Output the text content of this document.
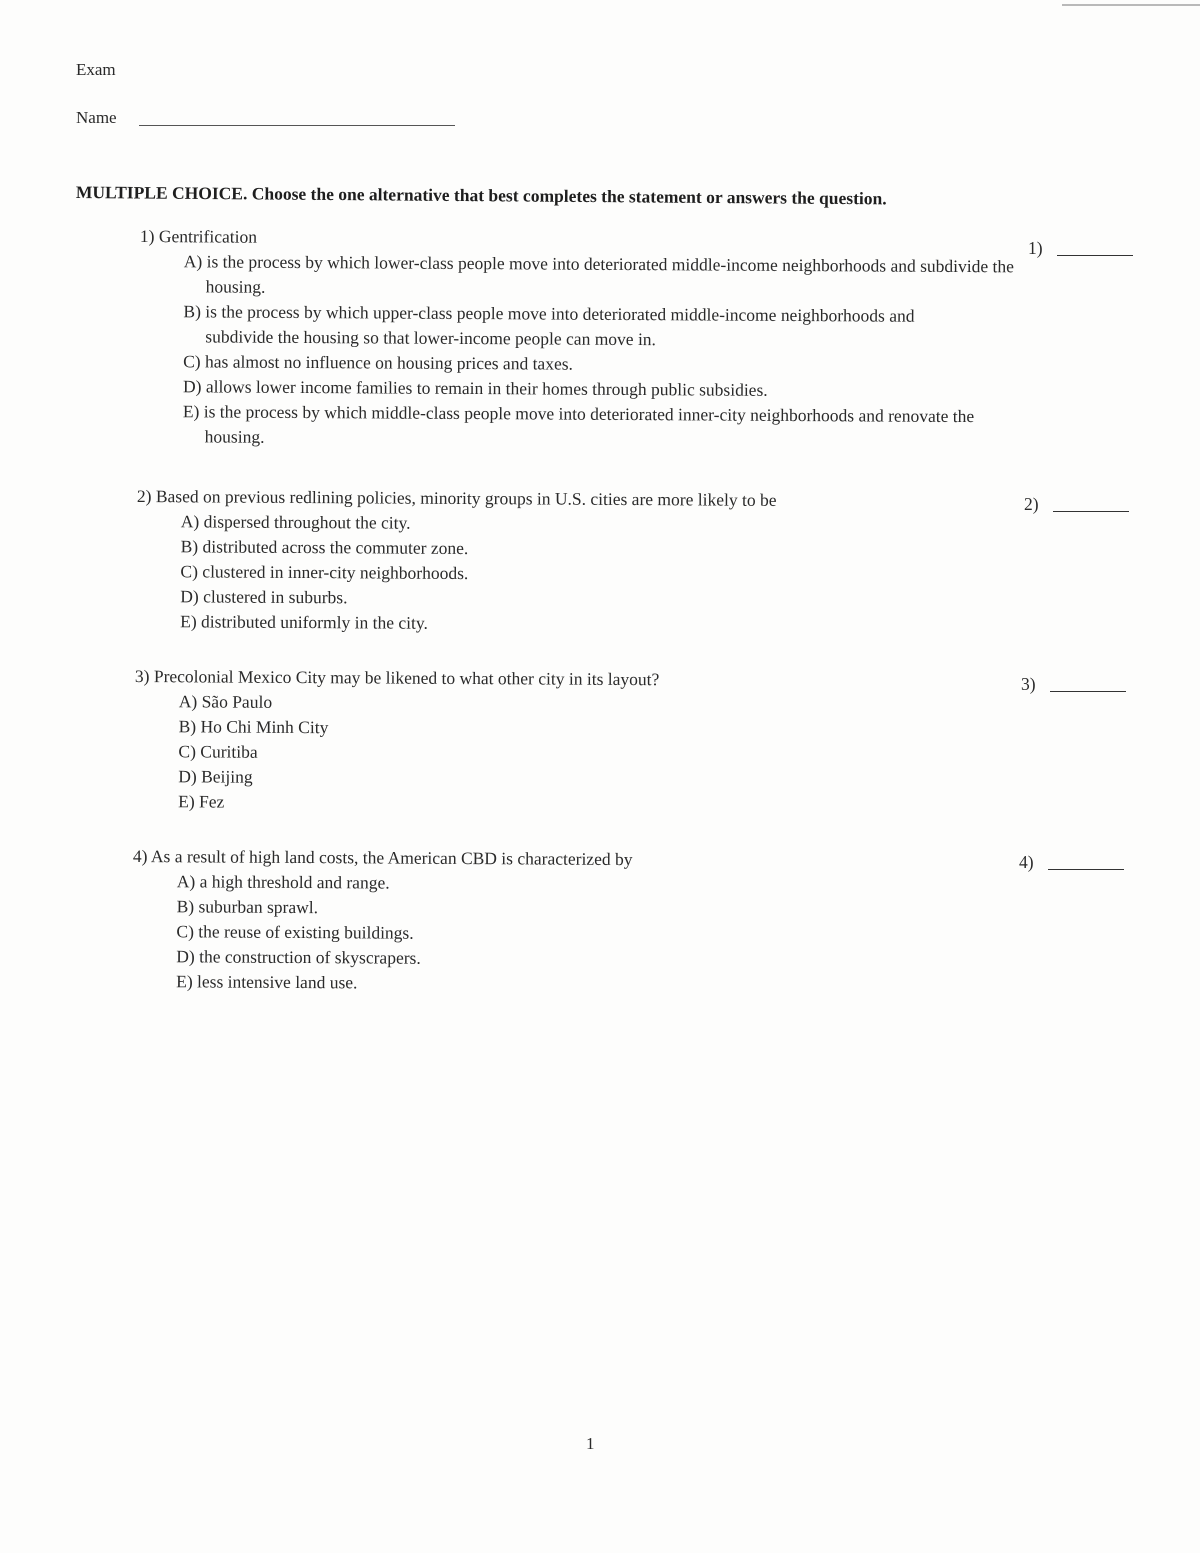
Exam
Name
MULTIPLE CHOICE. Choose the one alternative that best completes the statement or answers the question.
1) Gentrification
A) is the process by which lower-class people move into deteriorated middle-income neighborhoods and subdivide the housing.
B) is the process by which upper-class people move into deteriorated middle-income neighborhoods and subdivide the housing so that lower-income people can move in.
C) has almost no influence on housing prices and taxes.
D) allows lower income families to remain in their homes through public subsidies.
E) is the process by which middle-class people move into deteriorated inner-city neighborhoods and renovate the housing.
1)
2) Based on previous redlining policies, minority groups in U.S. cities are more likely to be
A) dispersed throughout the city.
B) distributed across the commuter zone.
C) clustered in inner-city neighborhoods.
D) clustered in suburbs.
E) distributed uniformly in the city.
2)
3) Precolonial Mexico City may be likened to what other city in its layout?
A) São Paulo
B) Ho Chi Minh City
C) Curitiba
D) Beijing
E) Fez
3)
4) As a result of high land costs, the American CBD is characterized by
A) a high threshold and range.
B) suburban sprawl.
C) the reuse of existing buildings.
D) the construction of skyscrapers.
E) less intensive land use.
4)
1
